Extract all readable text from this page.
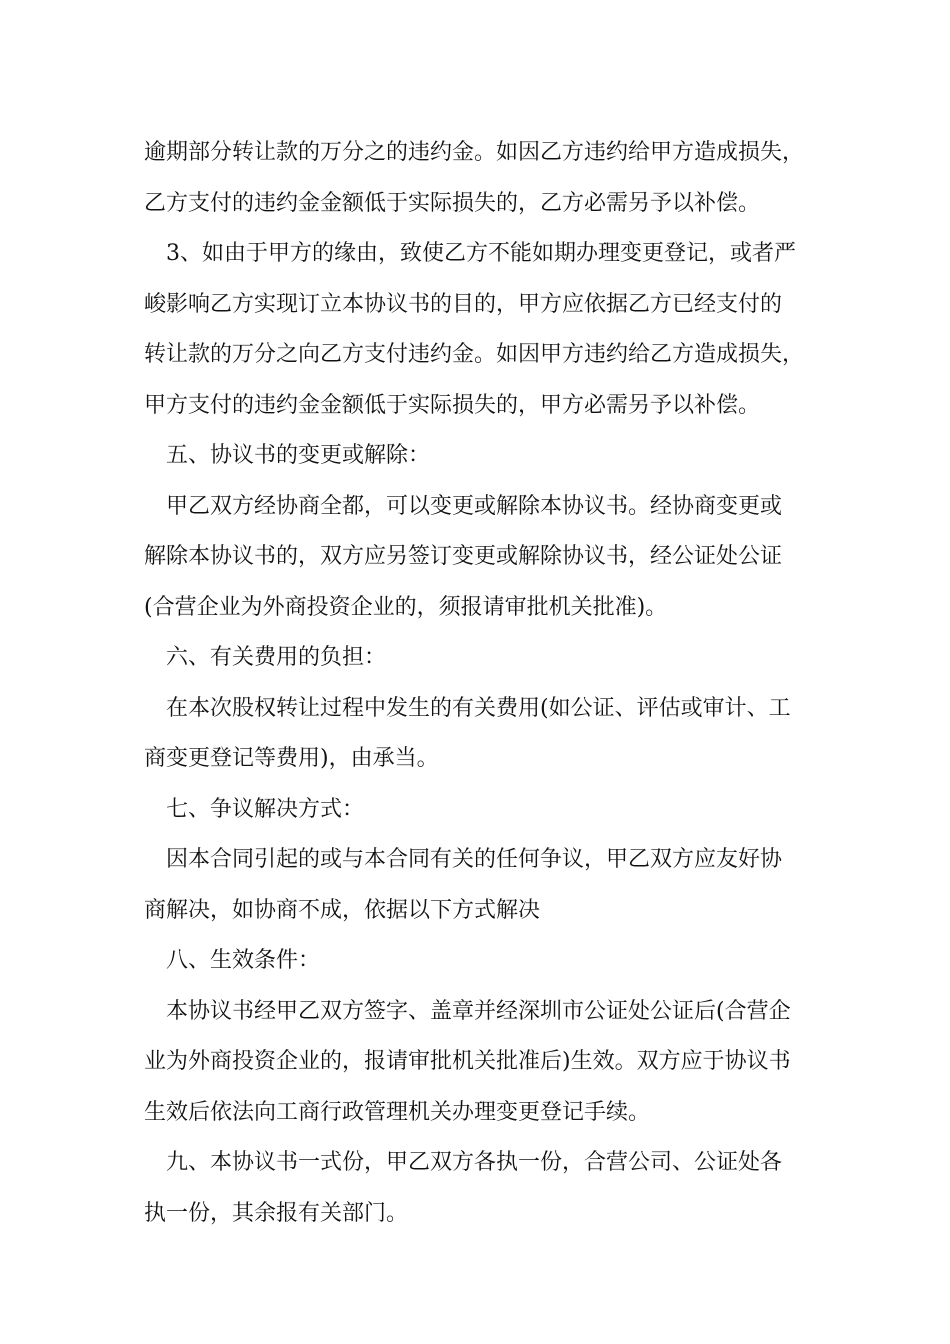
逾期部分转让款的万分之的违约金。如因乙方违约给甲方造成损失，
乙方支付的违约金金额低于实际损失的，乙方必需另予以补偿。
3、如由于甲方的缘由，致使乙方不能如期办理变更登记，或者严
峻影响乙方实现订立本协议书的目的，甲方应依据乙方已经支付的
转让款的万分之向乙方支付违约金。如因甲方违约给乙方造成损失，
甲方支付的违约金金额低于实际损失的，甲方必需另予以补偿。
五、协议书的变更或解除：
甲乙双方经协商全都，可以变更或解除本协议书。经协商变更或
解除本协议书的，双方应另签订变更或解除协议书，经公证处公证
(合营企业为外商投资企业的，须报请审批机关批准)。
六、有关费用的负担：
在本次股权转让过程中发生的有关费用(如公证、评估或审计、工
商变更登记等费用)，由承当。
七、争议解决方式：
因本合同引起的或与本合同有关的任何争议，甲乙双方应友好协
商解决，如协商不成，依据以下方式解决
八、生效条件：
本协议书经甲乙双方签字、盖章并经深圳市公证处公证后(合营企
业为外商投资企业的，报请审批机关批准后)生效。双方应于协议书
生效后依法向工商行政管理机关办理变更登记手续。
九、本协议书一式份，甲乙双方各执一份，合营公司、公证处各
执一份，其余报有关部门。
